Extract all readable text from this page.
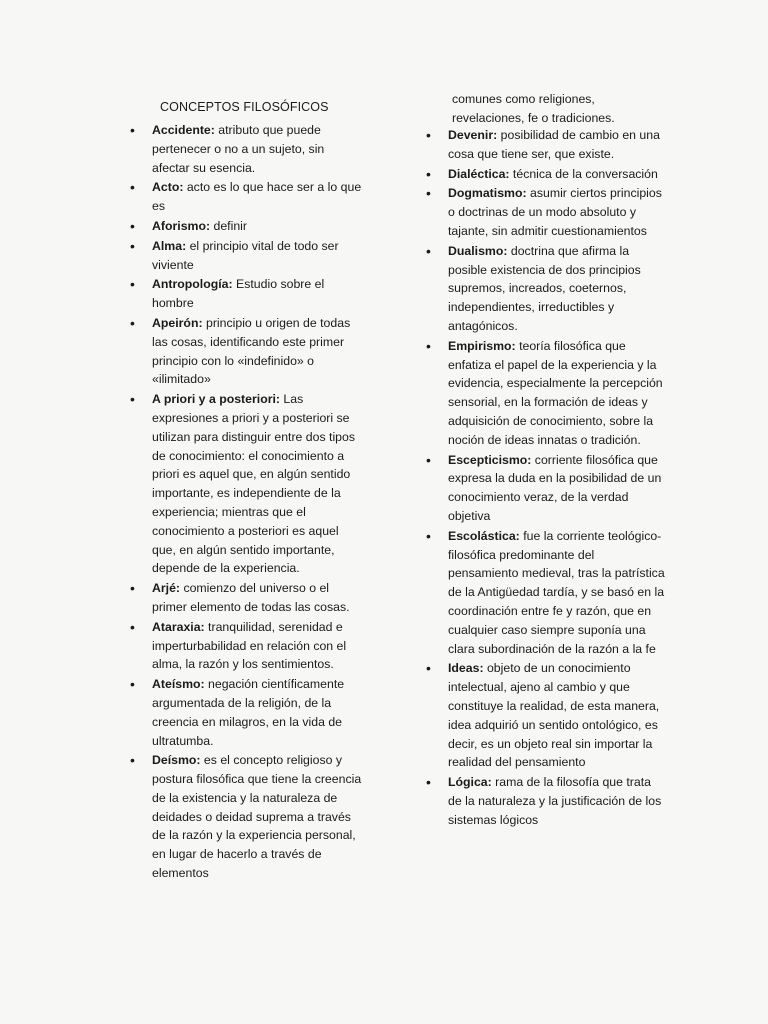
CONCEPTOS FILOSÓFICOS
• Accidente: atributo que puede pertenecer o no a un sujeto, sin afectar su esencia.
• Acto: acto es lo que hace ser a lo que es
• Aforismo: definir
• Alma: el principio vital de todo ser viviente
• Antropología: Estudio sobre el hombre
• Apeirón: principio u origen de todas las cosas, identificando este primer principio con lo «indefinido» o «ilimitado»
• A priori y a posteriori: Las expresiones a priori y a posteriori se utilizan para distinguir entre dos tipos de conocimiento: el conocimiento a priori es aquel que, en algún sentido importante, es independiente de la experiencia; mientras que el conocimiento a posteriori es aquel que, en algún sentido importante, depende de la experiencia.
• Arjé: comienzo del universo o el primer elemento de todas las cosas.
• Ataraxia: tranquilidad, serenidad e imperturbabilidad en relación con el alma, la razón y los sentimientos.
• Ateísmo: negación científicamente argumentada de la religión, de la creencia en milagros, en la vida de ultratumba.
• Deísmo: es el concepto religioso y postura filosófica que tiene la creencia de la existencia y la naturaleza de deidades o deidad suprema a través de la razón y la experiencia personal, en lugar de hacerlo a través de elementos
comunes como religiones, revelaciones, fe o tradiciones.
• Devenir: posibilidad de cambio en una cosa que tiene ser, que existe.
• Dialéctica: técnica de la conversación
• Dogmatismo: asumir ciertos principios o doctrinas de un modo absoluto y tajante, sin admitir cuestionamientos
• Dualismo: doctrina que afirma la posible existencia de dos principios supremos, increados, coeternos, independientes, irreductibles y antagónicos.
• Empirismo: teoría filosófica que enfatiza el papel de la experiencia y la evidencia, especialmente la percepción sensorial, en la formación de ideas y adquisición de conocimiento, sobre la noción de ideas innatas o tradición.
• Escepticismo: corriente filosófica que expresa la duda en la posibilidad de un conocimiento veraz, de la verdad objetiva
• Escolástica: fue la corriente teológico-filosófica predominante del pensamiento medieval, tras la patrística de la Antigüedad tardía, y se basó en la coordinación entre fe y razón, que en cualquier caso siempre suponía una clara subordinación de la razón a la fe
• Ideas: objeto de un conocimiento intelectual, ajeno al cambio y que constituye la realidad, de esta manera, idea adquirió un sentido ontológico, es decir, es un objeto real sin importar la realidad del pensamiento
• Lógica: rama de la filosofía que trata de la naturaleza y la justificación de los sistemas lógicos
